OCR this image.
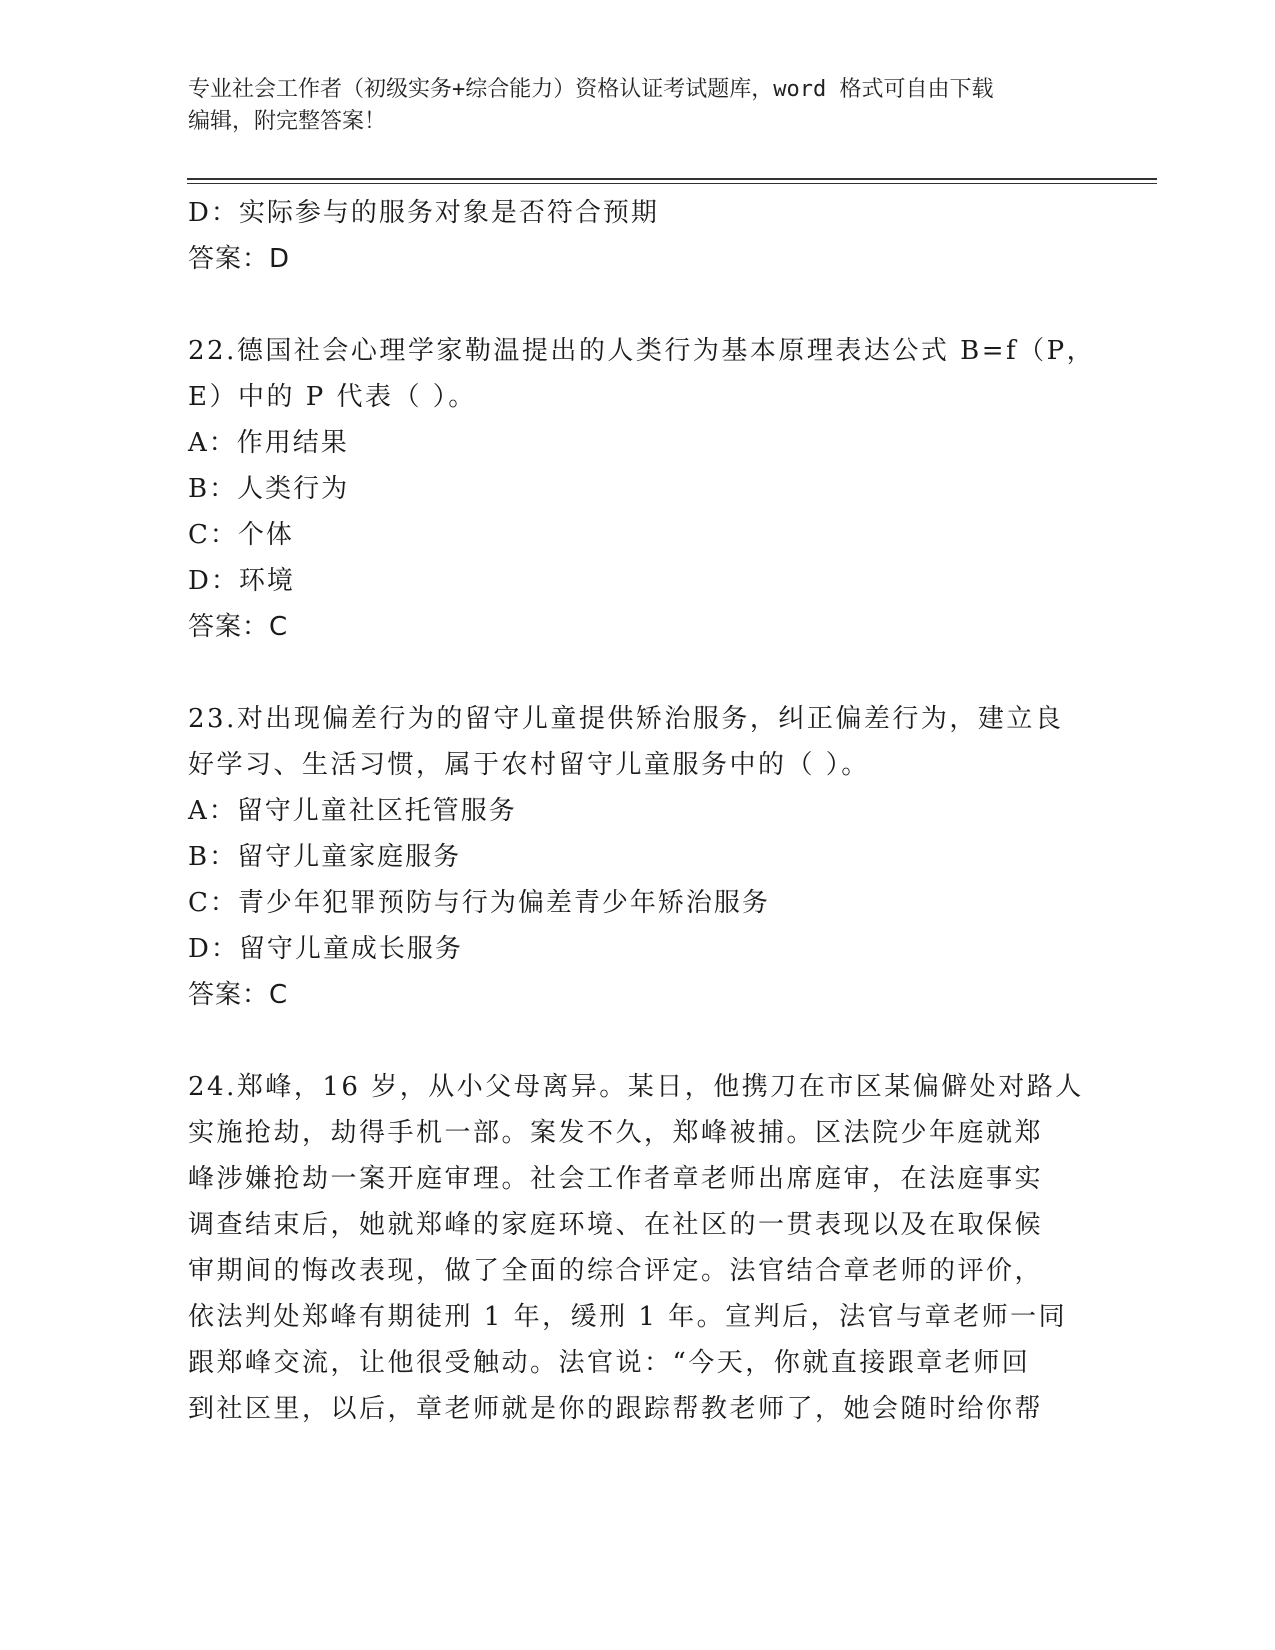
专业社会工作者（初级实务+综合能力）资格认证考试题库，word 格式可自由下载
编辑，附完整答案！
D：实际参与的服务对象是否符合预期
答案：D
22.德国社会心理学家勒温提出的人类行为基本原理表达公式 B=f（P，
E）中的 P 代表（ ）。
A：作用结果
B：人类行为
C：个体
D：环境
答案：C
23.对出现偏差行为的留守儿童提供矫治服务，纠正偏差行为，建立良
好学习、生活习惯，属于农村留守儿童服务中的（ ）。
A：留守儿童社区托管服务
B：留守儿童家庭服务
C：青少年犯罪预防与行为偏差青少年矫治服务
D：留守儿童成长服务
答案：C
24.郑峰，16 岁，从小父母离异。某日，他携刀在市区某偏僻处对路人
实施抢劫，劫得手机一部。案发不久，郑峰被捕。区法院少年庭就郑
峰涉嫌抢劫一案开庭审理。社会工作者章老师出席庭审，在法庭事实
调查结束后，她就郑峰的家庭环境、在社区的一贯表现以及在取保候
审期间的悔改表现，做了全面的综合评定。法官结合章老师的评价，
依法判处郑峰有期徒刑 1 年，缓刑 1 年。宣判后，法官与章老师一同
跟郑峰交流，让他很受触动。法官说：“今天，你就直接跟章老师回
到社区里，以后，章老师就是你的跟踪帮教老师了，她会随时给你帮
